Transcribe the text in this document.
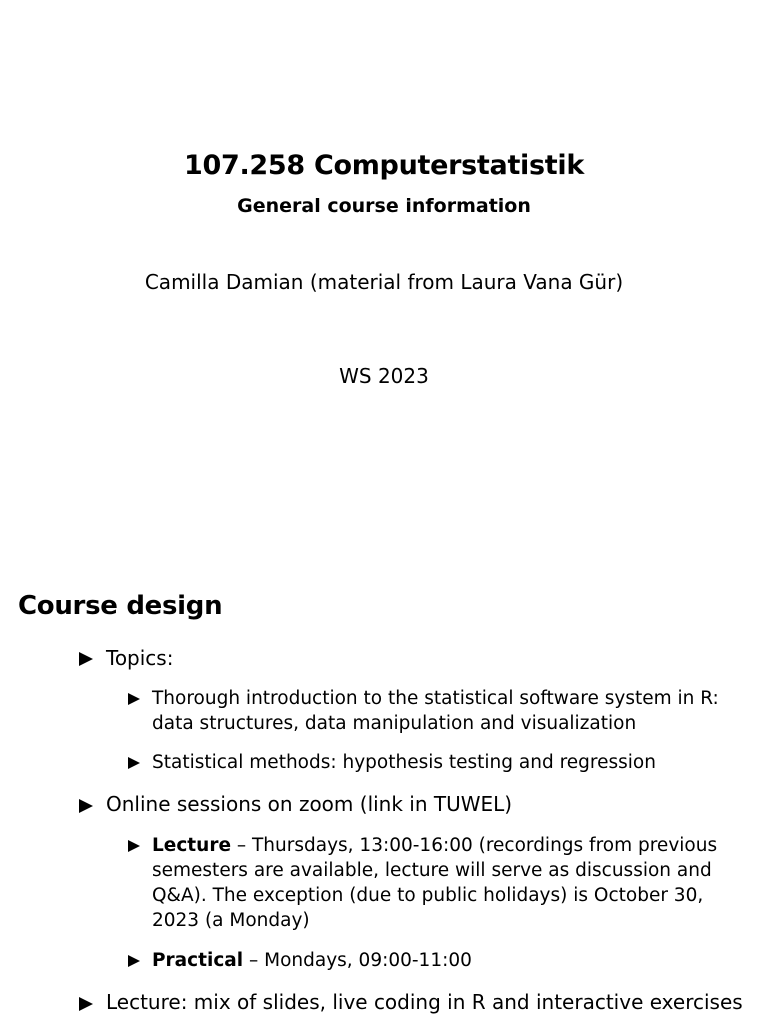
107.258 Computerstatistik
General course information
Camilla Damian (material from Laura Vana Gür)
WS 2023
Course design
Topics:
Thorough introduction to the statistical software system in R: data structures, data manipulation and visualization
Statistical methods: hypothesis testing and regression
Online sessions on zoom (link in TUWEL)
Lecture – Thursdays, 13:00-16:00 (recordings from previous semesters are available, lecture will serve as discussion and Q&A). The exception (due to public holidays) is October 30, 2023 (a Monday)
Practical – Mondays, 09:00-11:00
Lecture: mix of slides, live coding in R and interactive exercises
